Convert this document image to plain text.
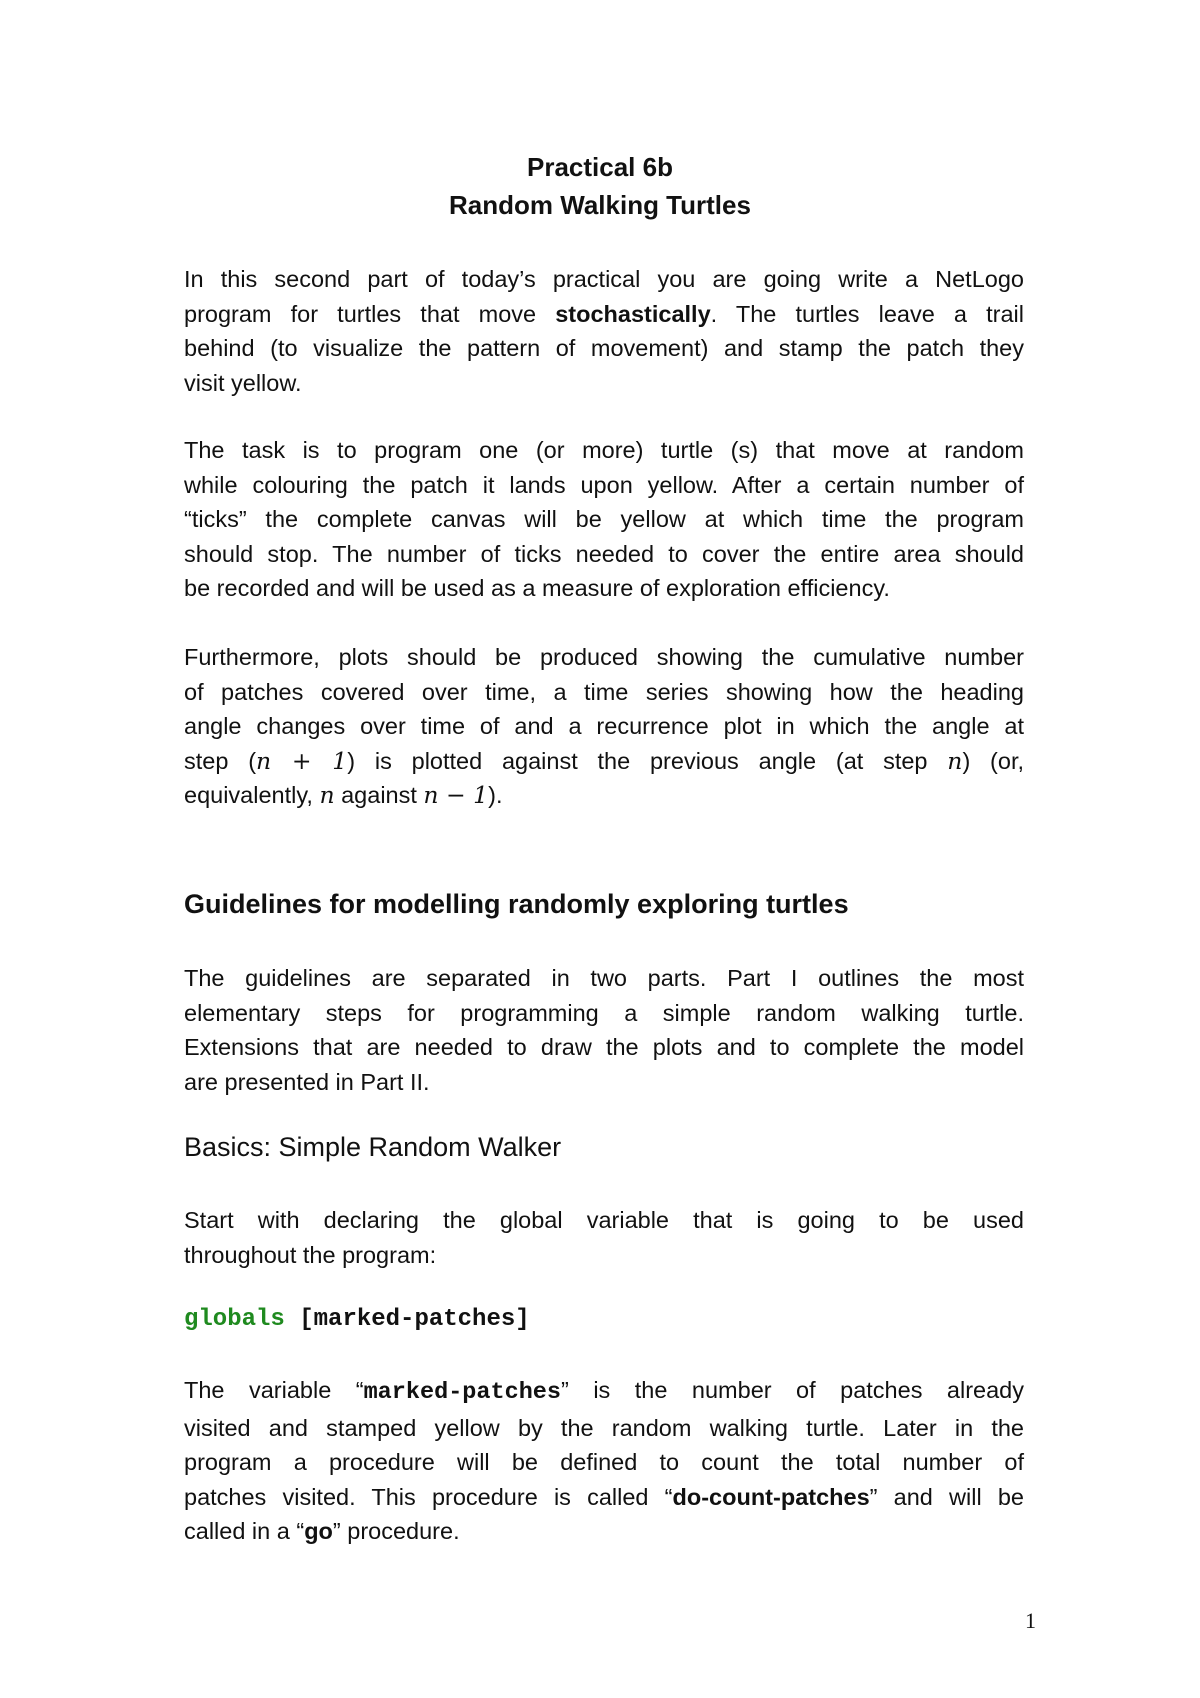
Practical 6b
Random Walking Turtles
In this second part of today’s practical you are going write a NetLogo
program for turtles that move stochastically. The turtles leave a trail
behind (to visualize the pattern of movement) and stamp the patch they
visit yellow.
The task is to program one (or more) turtle (s) that move at random
while colouring the patch it lands upon yellow. After a certain number of
“ticks” the complete canvas will be yellow at which time the program
should stop. The number of ticks needed to cover the entire area should
be recorded and will be used as a measure of exploration efficiency.
Furthermore, plots should be produced showing the cumulative number
of patches covered over time, a time series showing how the heading
angle changes over time of and a recurrence plot in which the angle at
step (n + 1) is plotted against the previous angle (at step n) (or,
equivalently, n against n − 1).
Guidelines for modelling randomly exploring turtles
The guidelines are separated in two parts. Part I outlines the most
elementary steps for programming a simple random walking turtle.
Extensions that are needed to draw the plots and to complete the model
are presented in Part II.
Basics: Simple Random Walker
Start with declaring the global variable that is going to be used
throughout the program:
globals [marked-patches]
The variable “marked-patches” is the number of patches already
visited and stamped yellow by the random walking turtle. Later in the
program a procedure will be defined to count the total number of
patches visited. This procedure is called “do-count-patches” and will be
called in a “go” procedure.
1
